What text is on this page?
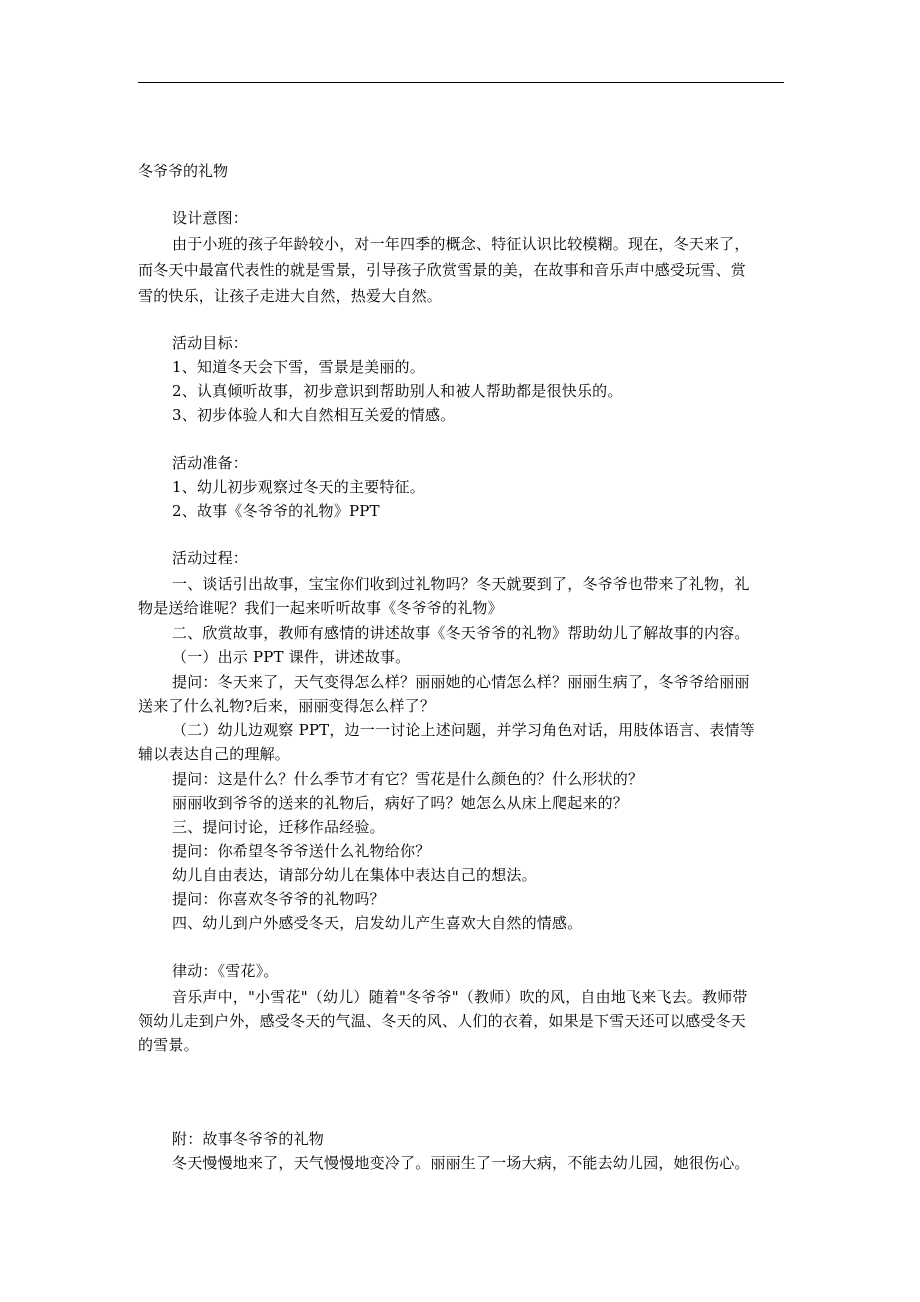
冬爷爷的礼物
设计意图：
由于小班的孩子年龄较小，对一年四季的概念、特征认识比较模糊。现在，冬天来了，
而冬天中最富代表性的就是雪景，引导孩子欣赏雪景的美，在故事和音乐声中感受玩雪、赏
雪的快乐，让孩子走进大自然，热爱大自然。
活动目标：
1、知道冬天会下雪，雪景是美丽的。
2、认真倾听故事，初步意识到帮助别人和被人帮助都是很快乐的。
3、初步体验人和大自然相互关爱的情感。
活动准备：
1、幼儿初步观察过冬天的主要特征。
2、故事《冬爷爷的礼物》PPT
活动过程：
一、谈话引出故事，宝宝你们收到过礼物吗？冬天就要到了，冬爷爷也带来了礼物，礼
物是送给谁呢？我们一起来听听故事《冬爷爷的礼物》
二、欣赏故事，教师有感情的讲述故事《冬天爷爷的礼物》帮助幼儿了解故事的内容。
（一）出示 PPT 课件，讲述故事。
提问：冬天来了，天气变得怎么样？丽丽她的心情怎么样？丽丽生病了，冬爷爷给丽丽
送来了什么礼物?后来，丽丽变得怎么样了？
（二）幼儿边观察 PPT，边一一讨论上述问题，并学习角色对话，用肢体语言、表情等
辅以表达自己的理解。
提问：这是什么？什么季节才有它？雪花是什么颜色的？什么形状的？
丽丽收到爷爷的送来的礼物后，病好了吗？她怎么从床上爬起来的？
三、提问讨论，迁移作品经验。
提问：你希望冬爷爷送什么礼物给你？
幼儿自由表达，请部分幼儿在集体中表达自己的想法。
提问：你喜欢冬爷爷的礼物吗？
四、幼儿到户外感受冬天，启发幼儿产生喜欢大自然的情感。
律动：《雪花》。
音乐声中，"小雪花"（幼儿）随着"冬爷爷"（教师）吹的风，自由地飞来飞去。教师带
领幼儿走到户外，感受冬天的气温、冬天的风、人们的衣着，如果是下雪天还可以感受冬天
的雪景。
附：故事冬爷爷的礼物
冬天慢慢地来了，天气慢慢地变冷了。丽丽生了一场大病，不能去幼儿园，她很伤心。
